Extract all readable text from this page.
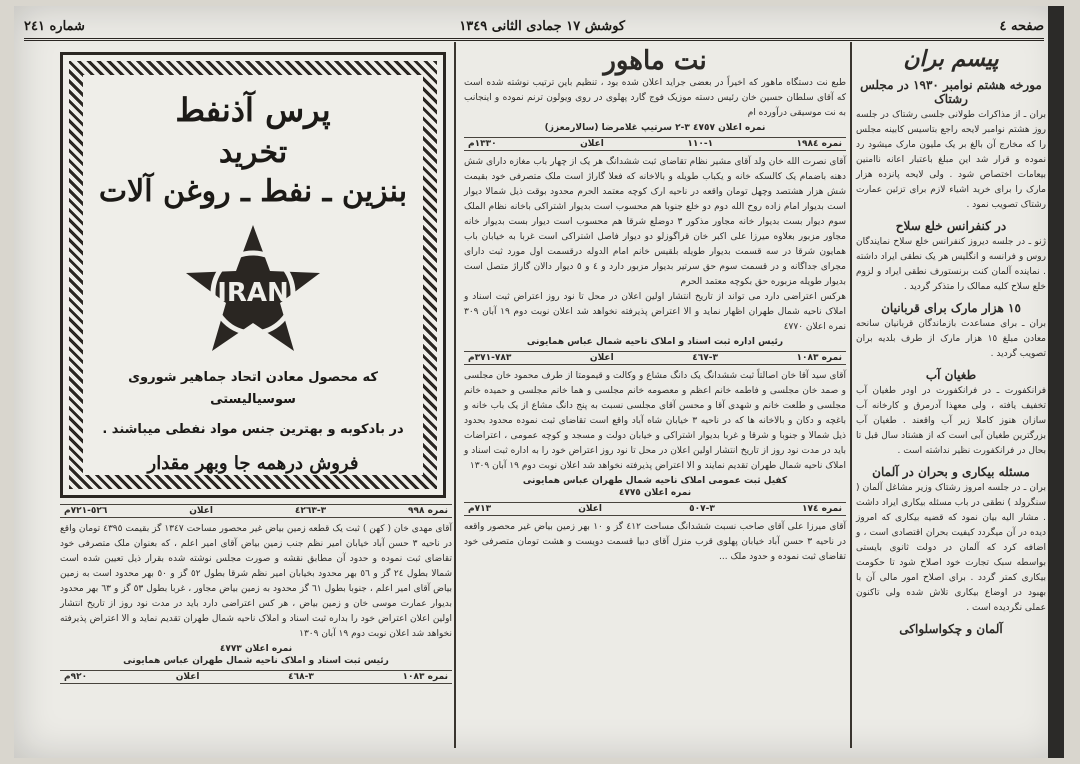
صفحه ٤
کوشش ١٧ جمادی الثانی ١٣٤٩
شماره ٢٤١
پرس آذنفط
تخرید
بنزین ـ نفط ـ روغن آلات
IRAN
که محصول معادن اتحاد جماهیر شوروی سوسیالیستی
در بادکوبه و بهترین جنس مواد نفطی میباشند .
فروش درهمه جا وبهر مقدار
نمره ٩٩٨
٣-٤٢٦٣
اعلان
٥٢٦-٧٢١م
آقای مهدی خان ( کهن ) ثبت یک قطعه زمین بیاض غیر محصور مساحت ١٣٤٧ گز بقیمت ٤٣٩٥ تومان واقع در ناحیه ٣ حسن آباد خیابان امیر نظم جنب زمین بیاض آقای امیر اعلم ، که بعنوان ملک متصرفی خود تقاضای ثبت نموده و حدود آن مطابق نقشه و صورت مجلس نوشته شده بقرار ذیل تعیین شده است شمالا بطول ٢٤ گز و ٥٦ بهر محدود بخیابان امیر نظم شرقا بطول ٥٢ گز و ٥٠ بهر محدود است به زمین بیاض آقای امیر اعلم ، جنوبا بطول ٦١ گز محدود به زمین بیاض مجاور ، غربا بطول ٥٣ گز و ٦٣ بهر محدود بدیوار عمارت موسی خان و زمین بیاض ، هر کس اعتراضی دارد باید در مدت نود روز از تاریخ انتشار اولین اعلان اعتراض خود را بداره ثبت اسناد و املاک ناحیه شمال طهران تقدیم نماید و الا اعتراض پذیرفته نخواهد شد اعلان نوبت دوم ١٩ آبان ١٣٠٩
نمره اعلان ٤٧٧٣
رئیس ثبت اسناد و املاک ناحیه شمال طهران عباس همایونی
نمره ١٠٨٣
٣-٤٦٨
اعلان
٩٢٠م
نت ماهور
طبع نت دستگاه ماهور که اخیراً در بعضی جراید اعلان شده بود ، تنظیم باین ترتیب نوشته شده است که آقای سلطان حسین خان رئیس دسته موزیک فوج گارد پهلوی در روی ویولون ترنم نموده و اینجانب به نت موسیقی درآورده ام
نمره اعلان ٤٧٥٧ ٣-٢ سرتیپ غلامرضا (سالارمعزز)
نمره ١٩٨٤
١-١١٠
اعلان
١٣٣٠م
آقای نصرت الله خان ولد آقای مشیر نظام تقاضای ثبت ششدانگ هر یک از چهار باب مغازه دارای شش دهنه باضمام یک کالسکه خانه و یکباب طویله و بالاخانه که فعلا گاراژ است ملک متصرفی خود بقیمت شش هزار هشتصد وچهل تومان واقعه در ناحیه ارک کوچه معتمد الحرم محدود بوقت ذیل شمالا دیوار است بدیوار امام زاده روح الله دوم دو خلع جنوبا هم محسوب است بدیوار اشتراکی باخانه نظام الملک سوم دیوار بست بدیوار خانه مجاور مذکور ٣ دوضلع شرقا هم محسوب است دیوار بست بدیوار خانه مجاور مزبور بعلاوه میرزا علی اکبر خان قراگوزلو دو دیوار فاصل اشتراکی است غربا به خیابان باب همایون شرقا در سه قسمت بدیوار طویله بلقیس خانم امام الدوله درقسمت اول مورد ثبت دارای مجرای جداگانه و در قسمت سوم حق سرتیر بدیوار مزبور دارد و ٤ و ٥ دیوار دالان گاراژ متصل است بدیوار طویله مزبوره حق بکوچه معتمد الحرم
هرکس اعتراضی دارد می تواند از تاریخ انتشار اولین اعلان در محل تا نود روز اعتراض ثبت اسناد و املاک ناحیه شمال طهران اظهار نماید و الا اعتراض پذیرفته نخواهد شد اعلان نوبت دوم ١٩ آبان ٣٠٩ نمره اعلان ٤٧٧٠
رئیس اداره ثبت اسناد و املاک ناحیه شمال عباس همایونی
نمره ١٠٨٣
٣-٤٦٧
اعلان
٧٨٣-٣٧١م
آقای سید آقا خان اصالتاً ثبت ششدانگ یک دانگ مشاع و وکالت و قیمومتا از طرف محمود خان مجلسی و صمد خان مجلسی و فاطمه خانم اعظم و معصومه خانم مجلسی و هما خانم مجلسی و حمیده خانم مجلسی و طلعت خانم و شهدی آقا و محسن آقای مجلسی نسبت به پنج دانگ مشاع از یک باب خانه و باغچه و دکان و بالاخانه ها که در ناحیه ٣ خیابان شاه آباد واقع است تقاضای ثبت نموده محدود بحدود ذیل شمالا و جنوبا و شرقا و غربا بدیوار اشتراکی و خیابان دولت و مسجد و کوچه عمومی ، اعتراضات باید در مدت نود روز از تاریخ انتشار اولین اعلان در محل تا نود روز اعتراض خود را به اداره ثبت اسناد و املاک ناحیه شمال طهران تقدیم نمایند و الا اعتراض پذیرفته نخواهد شد اعلان نوبت دوم ١٩ آبان ١٣٠٩
کفیل ثبت عمومی املاک ناحیه شمال طهران عباس همایونی
نمره اعلان ٤٧٧٥
نمره ١٧٤
٣-٥٠٧
اعلان
٧١٣م
آقای میرزا علی آقای صاحب نسبت ششدانگ مساحت ٤١٢ گز و ١٠ بهر زمین بیاض غیر محصور واقعه در ناحیه ٣ حسن آباد خیابان پهلوی قرب منزل آقای دبیا قسمت دویست و هشت تومان متصرفی خود تقاضای ثبت نموده و حدود ملک ...
پیسم بران
مورخه هشتم نوامبر ١٩٣٠ در مجلس رشتاک
بران ـ از مذاکرات طولانی جلسی رشتاک در جلسه روز هشتم نوامبر لایحه راجع بتاسیس کابینه مجلس را که مخارج آن بالغ بر یک ملیون مارک میشود رد نموده و قرار شد این مبلغ باعتبار اعانه ناامنین بیعامات اختصاص شود . ولی لایحه پانزده هزار مارک را برای خرید اشیاء لازم برای تزئین عمارت رشتاک تصویب نمود .
در کنفرانس خلع سلاح
ژنو ـ در جلسه دیروز کنفرانس خلع سلاح نمایندگان روس و فرانسه و انگلیس هر یک نطقی ایراد داشته . نماینده آلمان کنت برنستورف نطقی ایراد و لزوم خلع سلاح کلیه ممالک را متذکر گردید .
١٥ هزار مارک برای قربانیان
بران ـ برای مساعدت بازماندگان قربانیان سانحه معادن مبلغ ١٥ هزار مارک از طرف بلدیه بران تصویب گردید .
طغیان آب
فرانکفورت ـ در فرانکفورت در اودر طغیان آب تخفیف یافته ، ولی معهذا آدرمرق و کارخانه آب سازان هنوز کاملا زیر آب واقعند . طغیان آب بزرگترین طغیان آبی است که از هشتاد سال قبل تا بحال در فرانکفورت نظیر نداشته است .
مسئله بیکاری و بحران در آلمان
بران ـ در جلسه امروز رشتاک وزیر مشاغل آلمان ( سنگرولد ) نطقی در باب مسئله بیکاری ایراد داشت . مشار الیه بیان نمود که قضیه بیکاری که امروز دیده در آن میگردد کیفیت بحران اقتصادی است ، و اضافه کرد که آلمان در دولت ثانوی بایستی بواسطه سبک تجارت خود اصلاح شود تا حکومت بیکاری کمتر گردد . برای اصلاح امور مالی آن با بهبود در اوضاع بیکاری تلاش شده ولی تاکنون عملی نگردیده است .
آلمان و چکواسلواکی
